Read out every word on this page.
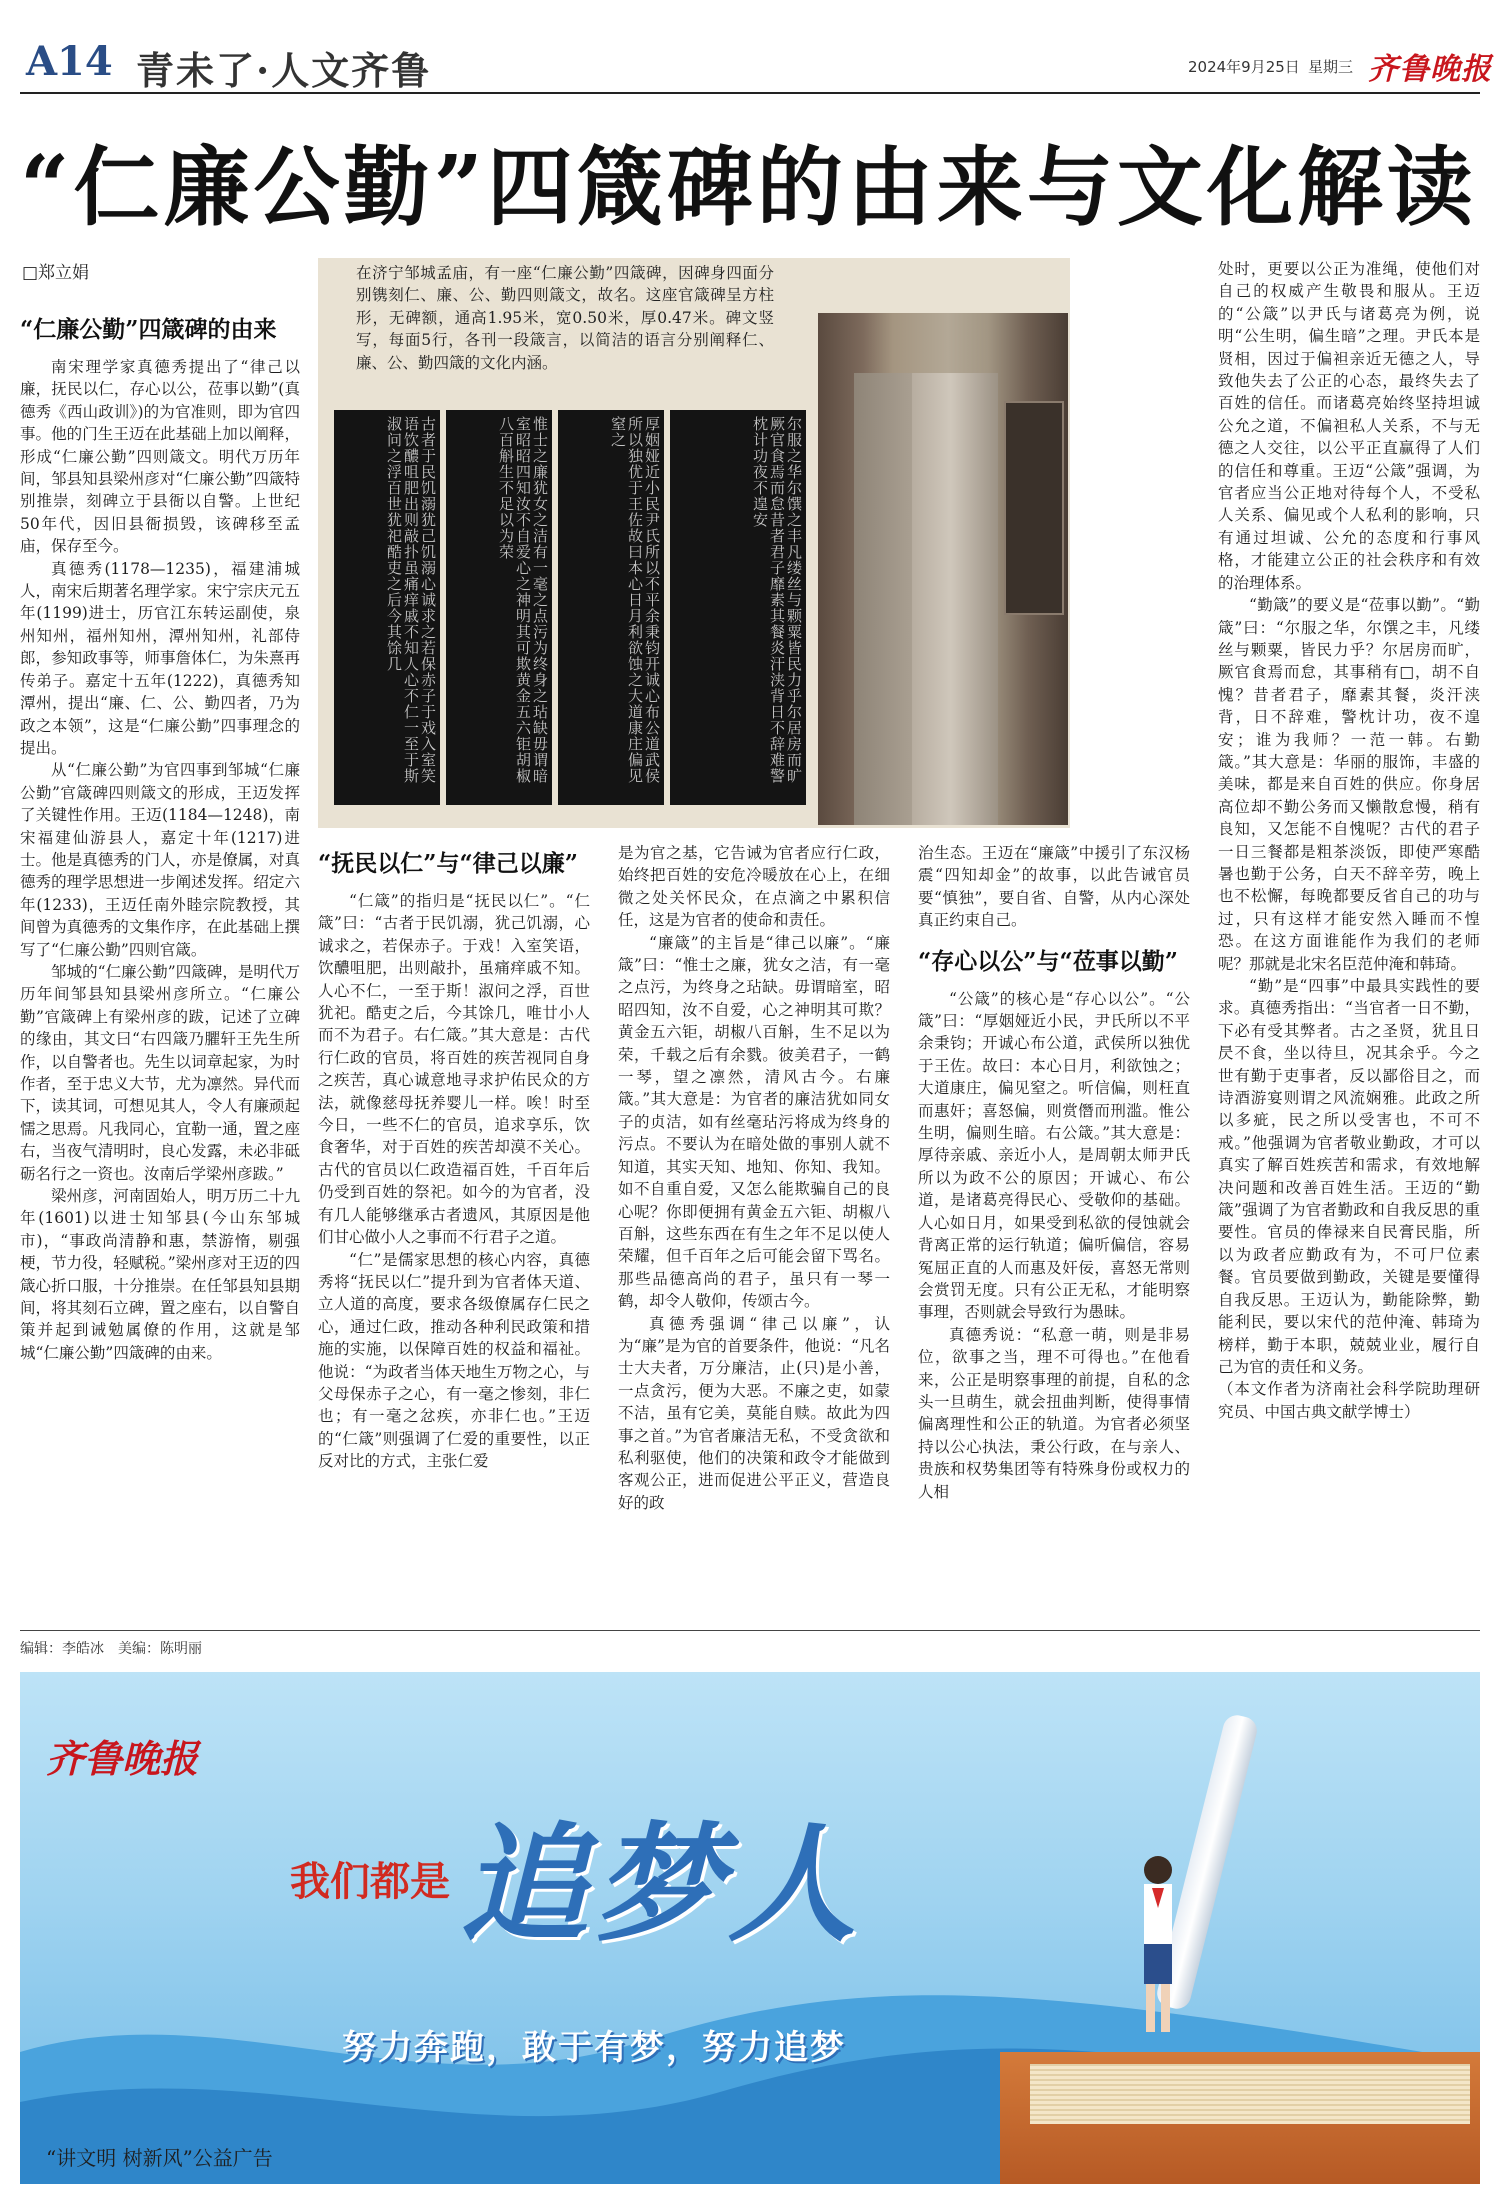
A14 青未了·人文齐鲁	2024年9月25日 星期三 齐鲁晚报
“仁廉公勤”四箴碑的由来与文化解读
□郑立娟	在济宁邹城孟庙，有一座“仁廉公勤”四箴碑，因碑身四面分别镌刻仁、廉、公、勤四则箴文，故名。这座官箴碑呈方柱形，无碑额，通高1.95米，宽0.50米，厚0.47米。碑文竖写，每面5行，各刊一段箴言，以简洁的语言分别阐释仁、廉、公、勤四箴的文化内涵。
古者于民饥溺犹己饥溺心诚求之若保赤子于戏入室笑语饮醲咀肥出则敲扑虽痛痒戚不知人心不仁一至于斯淑问之浮百世犹祀酷吏之后今其馀几	惟士之廉犹女之洁有一毫之点污为终身之玷缺毋谓暗室昭昭四知汝不自爱心之神明其可欺黄金五六钜胡椒八百斛生不足以为荣	厚姻娅近小民尹氏所以不平余秉钧开诚心布公道武侯所以独优于王佐故曰本心日月利欲蚀之大道康庄偏见窒之	尔服之华尔馔之丰凡缕丝与颗粟皆民力乎尔居房而旷厥官食焉而怠昔者君子靡素其餐炎汗浃背日不辞难警枕计功夜不遑安
“仁廉公勤”四箴碑的由来

南宋理学家真德秀提出了“律己以廉，抚民以仁，存心以公，莅事以勤”(真德秀《西山政训》)的为官准则，即为官四事。他的门生王迈在此基础上加以阐释，形成“仁廉公勤”四则箴文。明代万历年间，邹县知县梁州彦对“仁廉公勤”四箴特别推崇，刻碑立于县衙以自警。上世纪50年代，因旧县衙损毁，该碑移至孟庙，保存至今。

真德秀(1178—1235)，福建浦城人，南宋后期著名理学家。宋宁宗庆元五年(1199)进士，历官江东转运副使，泉州知州，福州知州，潭州知州，礼部侍郎，参知政事等，师事詹体仁，为朱熹再传弟子。嘉定十五年(1222)，真德秀知潭州，提出“廉、仁、公、勤四者，乃为政之本领”，这是“仁廉公勤”四事理念的提出。

从“仁廉公勤”为官四事到邹城“仁廉公勤”官箴碑四则箴文的形成，王迈发挥了关键性作用。王迈(1184—1248)，南宋福建仙游县人，嘉定十年(1217)进士。他是真德秀的门人，亦是僚属，对真德秀的理学思想进一步阐述发挥。绍定六年(1233)，王迈任南外睦宗院教授，其间曾为真德秀的文集作序，在此基础上撰写了“仁廉公勤”四则官箴。

邹城的“仁廉公勤”四箴碑，是明代万历年间邹县知县梁州彦所立。“仁廉公勤”官箴碑上有梁州彦的跋，记述了立碑的缘由，其文曰“右四箴乃臞轩王先生所作，以自警者也。先生以词章起家，为时作者，至于忠义大节，尤为凛然。异代而下，读其词，可想见其人，令人有廉顽起懦之思焉。凡我同心，宜勒一通，置之座右，当夜气清明时，良心发露，未必非砥砺名行之一资也。汝南后学梁州彦跋。”

梁州彦，河南固始人，明万历二十九年(1601)以进士知邹县(今山东邹城市)，“事政尚清静和惠，禁游惰，剔强梗，节力役，轻赋税。”梁州彦对王迈的四箴心折口服，十分推崇。在任邹县知县期间，将其刻石立碑，置之座右，以自警自策并起到诫勉属僚的作用，这就是邹城“仁廉公勤”四箴碑的由来。

“抚民以仁”与“律己以廉”

“仁箴”的指归是“抚民以仁”。“仁箴”曰：“古者于民饥溺，犹己饥溺，心诚求之，若保赤子。于戏！入室笑语，饮醲咀肥，出则敲扑，虽痛痒戚不知。人心不仁，一至于斯！淑问之浮，百世犹祀。酷吏之后，今其馀几，唯廿小人而不为君子。右仁箴。”其大意是：古代行仁政的官员，将百姓的疾苦视同自身之疾苦，真心诚意地寻求护佑民众的方法，就像慈母抚养婴儿一样。唉！时至今日，一些不仁的官员，追求享乐，饮食奢华，对于百姓的疾苦却漠不关心。古代的官员以仁政造福百姓，千百年后仍受到百姓的祭祀。如今的为官者，没有几人能够继承古者遗风，其原因是他们甘心做小人之事而不行君子之道。

“仁”是儒家思想的核心内容，真德秀将“抚民以仁”提升到为官者体天道、立人道的高度，要求各级僚属存仁民之心，通过仁政，推动各种利民政策和措施的实施，以保障百姓的权益和福祉。他说：“为政者当体天地生万物之心，与父母保赤子之心，有一毫之惨刻，非仁也；有一毫之忿疾，亦非仁也。”王迈的“仁箴”则强调了仁爱的重要性，以正反对比的方式，主张仁爱

是为官之基，它告诫为官者应行仁政，始终把百姓的安危冷暖放在心上，在细微之处关怀民众，在点滴之中累积信任，这是为官者的使命和责任。

“廉箴”的主旨是“律己以廉”。“廉箴”曰：“惟士之廉，犹女之洁，有一毫之点污，为终身之玷缺。毋谓暗室，昭昭四知，汝不自爱，心之神明其可欺？黄金五六钜，胡椒八百斛，生不足以为荣，千载之后有余戮。彼美君子，一鹤一琴，望之凛然，清风古今。右廉箴。”其大意是：为官者的廉洁犹如同女子的贞洁，如有丝毫玷污将成为终身的污点。不要认为在暗处做的事别人就不知道，其实天知、地知、你知、我知。如不自重自爱，又怎么能欺骗自己的良心呢？你即便拥有黄金五六钜、胡椒八百斛，这些东西在有生之年不足以使人荣耀，但千百年之后可能会留下骂名。那些品德高尚的君子，虽只有一琴一鹤，却令人敬仰，传颂古今。

真德秀强调“律己以廉”，认为“廉”是为官的首要条件，他说：“凡名士大夫者，万分廉洁，止(只)是小善，一点贪污，便为大恶。不廉之吏，如蒙不洁，虽有它美，莫能自赎。故此为四事之首。”为官者廉洁无私，不受贪欲和私利驱使，他们的决策和政令才能做到客观公正，进而促进公平正义，营造良好的政

治生态。王迈在“廉箴”中援引了东汉杨震“四知却金”的故事，以此告诫官员要“慎独”，要自省、自警，从内心深处真正约束自己。

“存心以公”与“莅事以勤”

“公箴”的核心是“存心以公”。“公箴”曰：“厚姻娅近小民，尹氏所以不平余秉钧；开诚心布公道，武侯所以独优于王佐。故曰：本心日月，利欲蚀之；大道康庄，偏见窒之。听信偏，则枉直而惠奸；喜怒偏，则赏僭而刑滥。惟公生明，偏则生暗。右公箴。”其大意是：厚待亲戚、亲近小人，是周朝太师尹氏所以为政不公的原因；开诚心、布公道，是诸葛亮得民心、受敬仰的基础。人心如日月，如果受到私欲的侵蚀就会背离正常的运行轨道；偏听偏信，容易冤屈正直的人而惠及奸佞，喜怒无常则会赏罚无度。只有公正无私，才能明察事理，否则就会导致行为愚昧。

真德秀说：“私意一萌，则是非易位，欲事之当，理不可得也。”在他看来，公正是明察事理的前提，自私的念头一旦萌生，就会扭曲判断，使得事情偏离理性和公正的轨道。为官者必须坚持以公心执法，秉公行政，在与亲人、贵族和权势集团等有特殊身份或权力的人相

处时，更要以公正为准绳，使他们对自己的权威产生敬畏和服从。王迈的“公箴”以尹氏与诸葛亮为例，说明“公生明，偏生暗”之理。尹氏本是贤相，因过于偏袒亲近无德之人，导致他失去了公正的心态，最终失去了百姓的信任。而诸葛亮始终坚持坦诚公允之道，不偏袒私人关系，不与无德之人交往，以公平正直赢得了人们的信任和尊重。王迈“公箴”强调，为官者应当公正地对待每个人，不受私人关系、偏见或个人私利的影响，只有通过坦诚、公允的态度和行事风格，才能建立公正的社会秩序和有效的治理体系。

“勤箴”的要义是“莅事以勤”。“勤箴”曰：“尔服之华，尔馔之丰，凡缕丝与颗粟，皆民力乎？尔居房而旷，厥官食焉而怠，其事稍有□，胡不自愧？昔者君子，靡素其餐，炎汗浃背，日不辞难，警枕计功，夜不遑安；谁为我师？一范一韩。右勤箴。”其大意是：华丽的服饰，丰盛的美味，都是来自百姓的供应。你身居高位却不勤公务而又懒散怠慢，稍有良知，又怎能不自愧呢？古代的君子一日三餐都是粗茶淡饭，即使严寒酷暑也勤于公务，白天不辞辛劳，晚上也不松懈，每晚都要反省自己的功与过，只有这样才能安然入睡而不惶恐。在这方面谁能作为我们的老师呢？那就是北宋名臣范仲淹和韩琦。

“勤”是“四事”中最具实践性的要求。真德秀指出：“当官者一日不勤，下必有受其弊者。古之圣贤，犹且日昃不食，坐以待旦，况其余乎。今之世有勤于吏事者，反以鄙俗目之，而诗酒游宴则谓之风流娴雅。此政之所以多疵，民之所以受害也，不可不戒。”他强调为官者敬业勤政，才可以真实了解百姓疾苦和需求，有效地解决问题和改善百姓生活。王迈的“勤箴”强调了为官者勤政和自我反思的重要性。官员的俸禄来自民膏民脂，所以为政者应勤政有为，不可尸位素餐。官员要做到勤政，关键是要懂得自我反思。王迈认为，勤能除弊，勤能利民，要以宋代的范仲淹、韩琦为榜样，勤于本职，兢兢业业，履行自己为官的责任和义务。

（本文作者为济南社会科学院助理研究员、中国古典文献学博士）

编辑：李皓冰　美编：陈明丽
齐鲁晚报
我们都是 追梦人
努力奔跑，敢于有梦，努力追梦
“讲文明 树新风”公益广告
